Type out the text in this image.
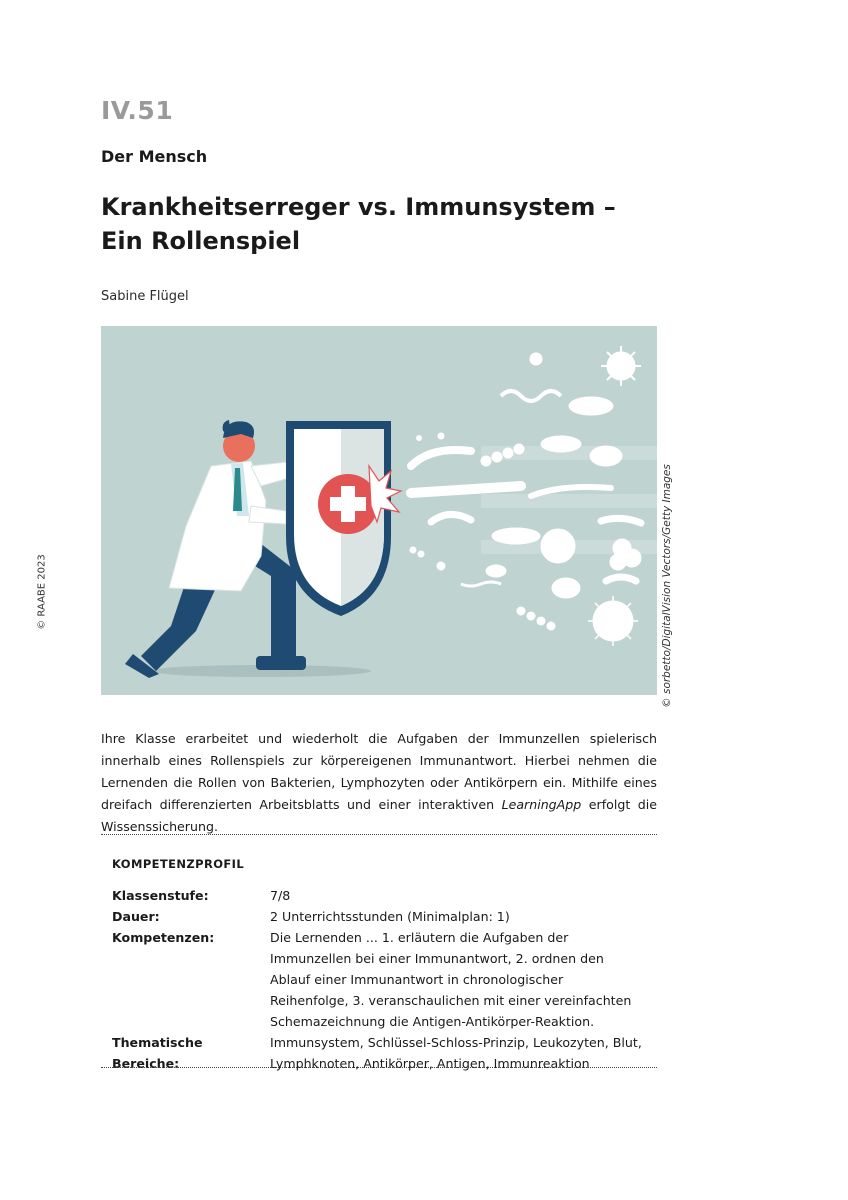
IV.51
Der Mensch
Krankheitserreger vs. Immunsystem –
Ein Rollenspiel
Sabine Flügel
© RAABE 2023	© sorbetto/DigitalVision Vectors/Getty Images

Ihre Klasse erarbeitet und wiederholt die Aufgaben der Immunzellen spielerisch innerhalb eines Rollenspiels zur körpereigenen Immunantwort. Hierbei nehmen die Lernenden die Rollen von Bakterien, Lymphozyten oder Antikörpern ein. Mithilfe eines dreifach differenzierten Arbeitsblatts und einer interaktiven LearningApp erfolgt die Wissenssicherung.

KOMPETENZPROFIL
Klassenstufe:	7/8
Dauer:	2 Unterrichtsstunden (Minimalplan: 1)
Kompetenzen:	Die Lernenden ... 1. erläutern die Aufgaben der Immunzellen bei einer Immunantwort, 2. ordnen den Ablauf einer Immunantwort in chronologischer Reihenfolge, 3. veranschaulichen mit einer vereinfachten Schemazeichnung die Antigen-Antikörper-Reaktion.
Thematische Bereiche:
Immunsystem, Schlüssel-Schloss-Prinzip, Leukozyten, Blut, Lymphknoten, Antikörper, Antigen, Immunreaktion
